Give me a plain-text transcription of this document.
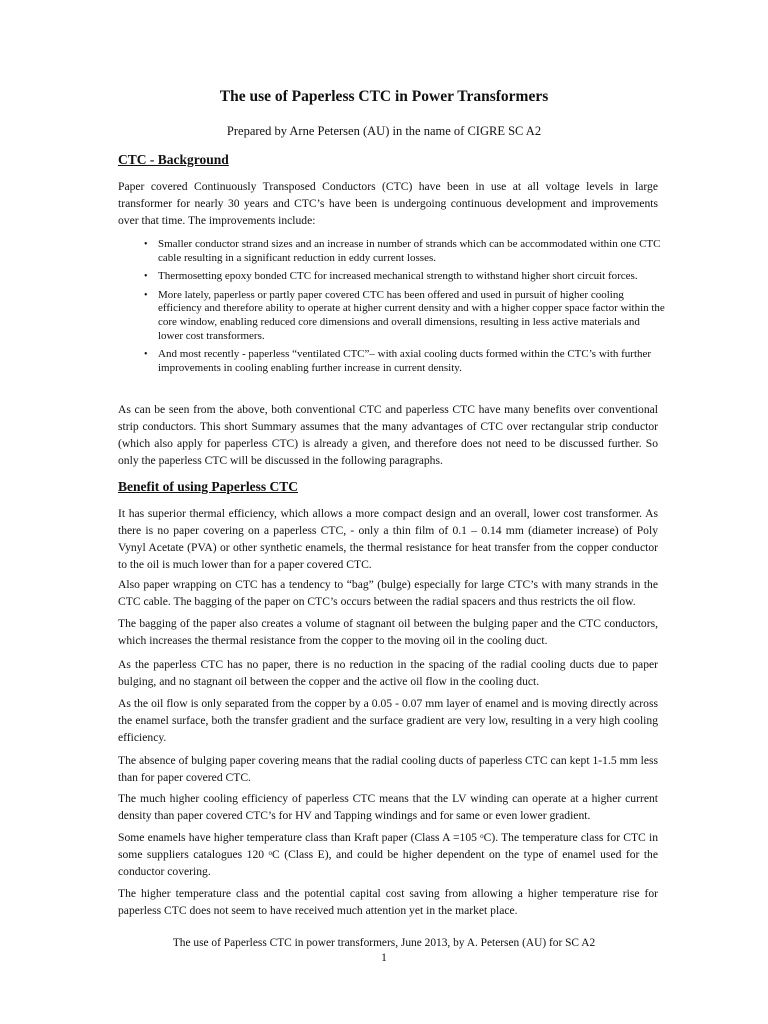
The use of Paperless CTC in Power Transformers

Prepared by Arne Petersen (AU) in the name of CIGRE SC A2

CTC - Background

Paper covered Continuously Transposed Conductors (CTC) have been in use at all voltage levels in large transformer for nearly 30 years and CTC’s have been is undergoing continuous development and improvements over that time. The improvements include:

• Smaller conductor strand sizes and an increase in number of strands which can be accommodated within one CTC cable resulting in a significant reduction in eddy current losses.
• Thermosetting epoxy bonded CTC for increased mechanical strength to withstand higher short circuit forces.
• More lately, paperless or partly paper covered CTC has been offered and used in pursuit of higher cooling efficiency and therefore ability to operate at higher current density and with a higher copper space factor within the core window, enabling reduced core dimensions and overall dimensions, resulting in less active materials and lower cost transformers.
• And most recently - paperless “ventilated CTC”– with axial cooling ducts formed within the CTC’s with further improvements in cooling enabling further increase in current density.

As can be seen from the above, both conventional CTC and paperless CTC have many benefits over conventional strip conductors. This short Summary assumes that the many advantages of CTC over rectangular strip conductor (which also apply for paperless CTC) is already a given, and therefore does not need to be discussed further. So only the paperless CTC will be discussed in the following paragraphs.

Benefit of using Paperless CTC

It has superior thermal efficiency, which allows a more compact design and an overall, lower cost transformer. As there is no paper covering on a paperless CTC, - only a thin film of 0.1 – 0.14 mm (diameter increase) of Poly Vynyl Acetate (PVA) or other synthetic enamels, the thermal resistance for heat transfer from the copper conductor to the oil is much lower than for a paper covered CTC.

Also paper wrapping on CTC has a tendency to “bag” (bulge) especially for large CTC’s with many strands in the CTC cable. The bagging of the paper on CTC’s occurs between the radial spacers and thus restricts the oil flow.

The bagging of the paper also creates a volume of stagnant oil between the bulging paper and the CTC conductors, which increases the thermal resistance from the copper to the moving oil in the cooling duct.

As the paperless CTC has no paper, there is no reduction in the spacing of the radial cooling ducts due to paper bulging, and no stagnant oil between the copper and the active oil flow in the cooling duct.

As the oil flow is only separated from the copper by a 0.05 - 0.07 mm layer of enamel and is moving directly across the enamel surface, both the transfer gradient and the surface gradient are very low, resulting in a very high cooling efficiency.

The absence of bulging paper covering means that the radial cooling ducts of paperless CTC can kept 1-1.5 mm less than for paper covered CTC.

The much higher cooling efficiency of paperless CTC means that the LV winding can operate at a higher current density than paper covered CTC’s for HV and Tapping windings and for same or even lower gradient.

Some enamels have higher temperature class than Kraft paper (Class A =105 $^o$C). The temperature class for CTC in some suppliers catalogues 120 $^o$C (Class E), and could be higher dependent on the type of enamel used for the conductor covering.

The higher temperature class and the potential capital cost saving from allowing a higher temperature rise for paperless CTC does not seem to have received much attention yet in the market place.

The use of Paperless CTC in power transformers, June 2013, by A. Petersen (AU) for SC A2

1
